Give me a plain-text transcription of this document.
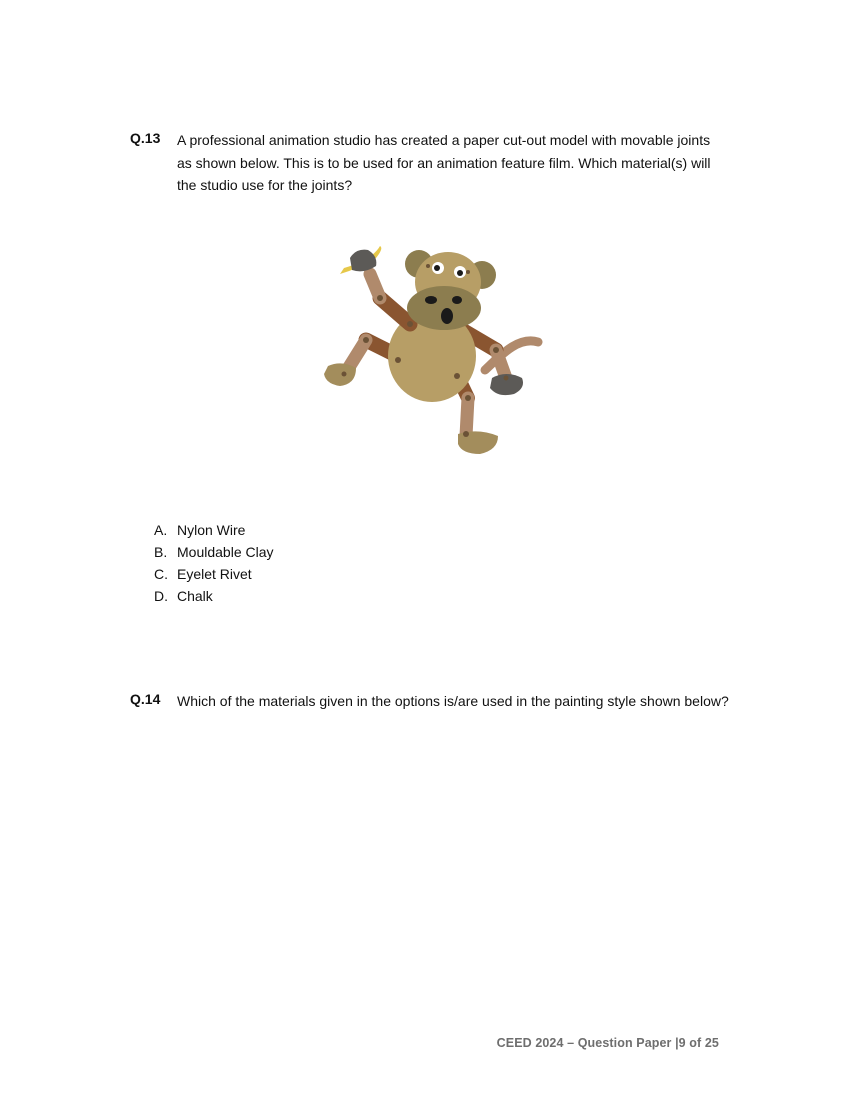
Q.13 A professional animation studio has created a paper cut-out model with movable joints as shown below. This is to be used for an animation feature film. Which material(s) will the studio use for the joints?
A. Nylon Wire
B. Mouldable Clay
C. Eyelet Rivet
D. Chalk
Q.14	Which of the materials given in the options is/are used in the painting style shown below?
CEED 2024 – Question Paper |9 of 25
